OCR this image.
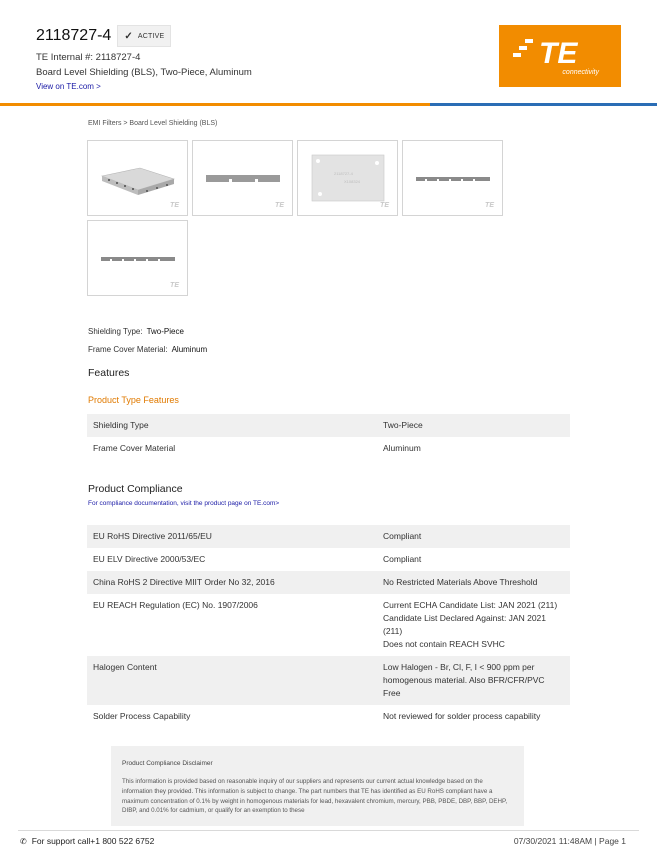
2118727-4 ✓ ACTIVE
TE Internal #: 2118727-4
Board Level Shielding (BLS), Two-Piece, Aluminum
View on TE.com >
TE
connectivity
EMI Filters > Board Level Shielding (BLS)
TE	TE
2118727-4
X108324
TE	TE
TE
Shielding Type: Two-Piece
Frame Cover Material: Aluminum
Features
Product Type Features
Shielding Type	Two-Piece
Frame Cover Material	Aluminum
Product Compliance
For compliance documentation, visit the product page on TE.com>
EU RoHS Directive 2011/65/EU	Compliant
EU ELV Directive 2000/53/EC	Compliant
China RoHS 2 Directive MIIT Order No 32, 2016	No Restricted Materials Above Threshold
EU REACH Regulation (EC) No. 1907/2006	Current ECHA Candidate List: JAN 2021 (211)
Candidate List Declared Against: JAN 2021 (211)
Does not contain REACH SVHC
Halogen Content	Low Halogen - Br, Cl, F, I < 900 ppm per homogenous material. Also BFR/CFR/PVC Free
Solder Process Capability	Not reviewed for solder process capability
Product Compliance Disclaimer
This information is provided based on reasonable inquiry of our suppliers and represents our current actual knowledge based on the information they provided. This information is subject to change. The part numbers that TE has identified as EU RoHS compliant have a maximum concentration of 0.1% by weight in homogenous materials for lead, hexavalent chromium, mercury, PBB, PBDE, DBP, BBP, DEHP, DIBP, and 0.01% for cadmium, or qualify for an exemption to these
✆ For support call+1 800 522 6752	07/30/2021 11:48AM | Page 1
